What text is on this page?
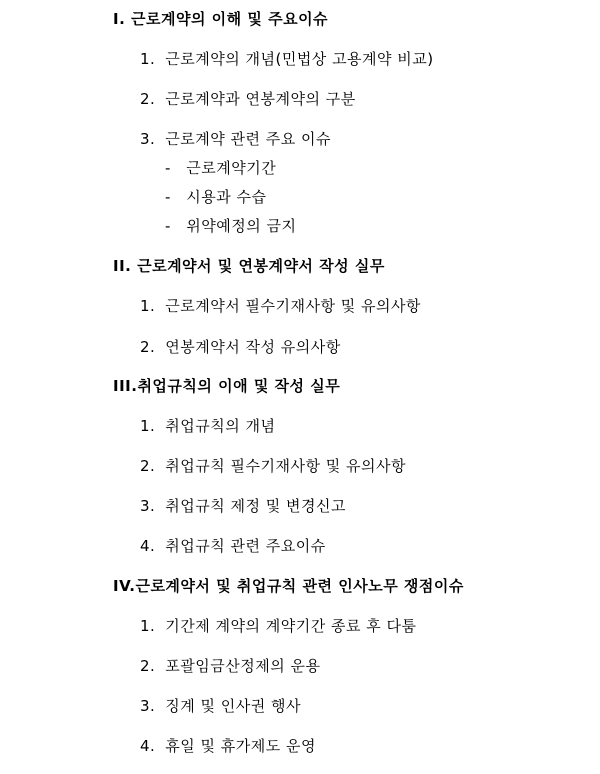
I. 근로계약의 이해 및 주요이슈
1. 근로계약의 개념(민법상 고용계약 비교)
2. 근로계약과 연봉계약의 구분
3. 근로계약 관련 주요 이슈
- 근로계약기간
- 시용과 수습
- 위약예정의 금지
II. 근로계약서 및 연봉계약서 작성 실무
1. 근로계약서 필수기재사항 및 유의사항
2. 연봉계약서 작성 유의사항
III.취업규칙의 이애 및 작성 실무
1. 취업규칙의 개념
2. 취업규칙 필수기재사항 및 유의사항
3. 취업규칙 제정 및 변경신고
4. 취업규칙 관련 주요이슈
IV.근로계약서 및 취업규칙 관련 인사노무 쟁점이슈
1. 기간제 계약의 계약기간 종료 후 다툼
2. 포괄임금산정제의 운용
3. 징계 및 인사권 행사
4. 휴일 및 휴가제도 운영
